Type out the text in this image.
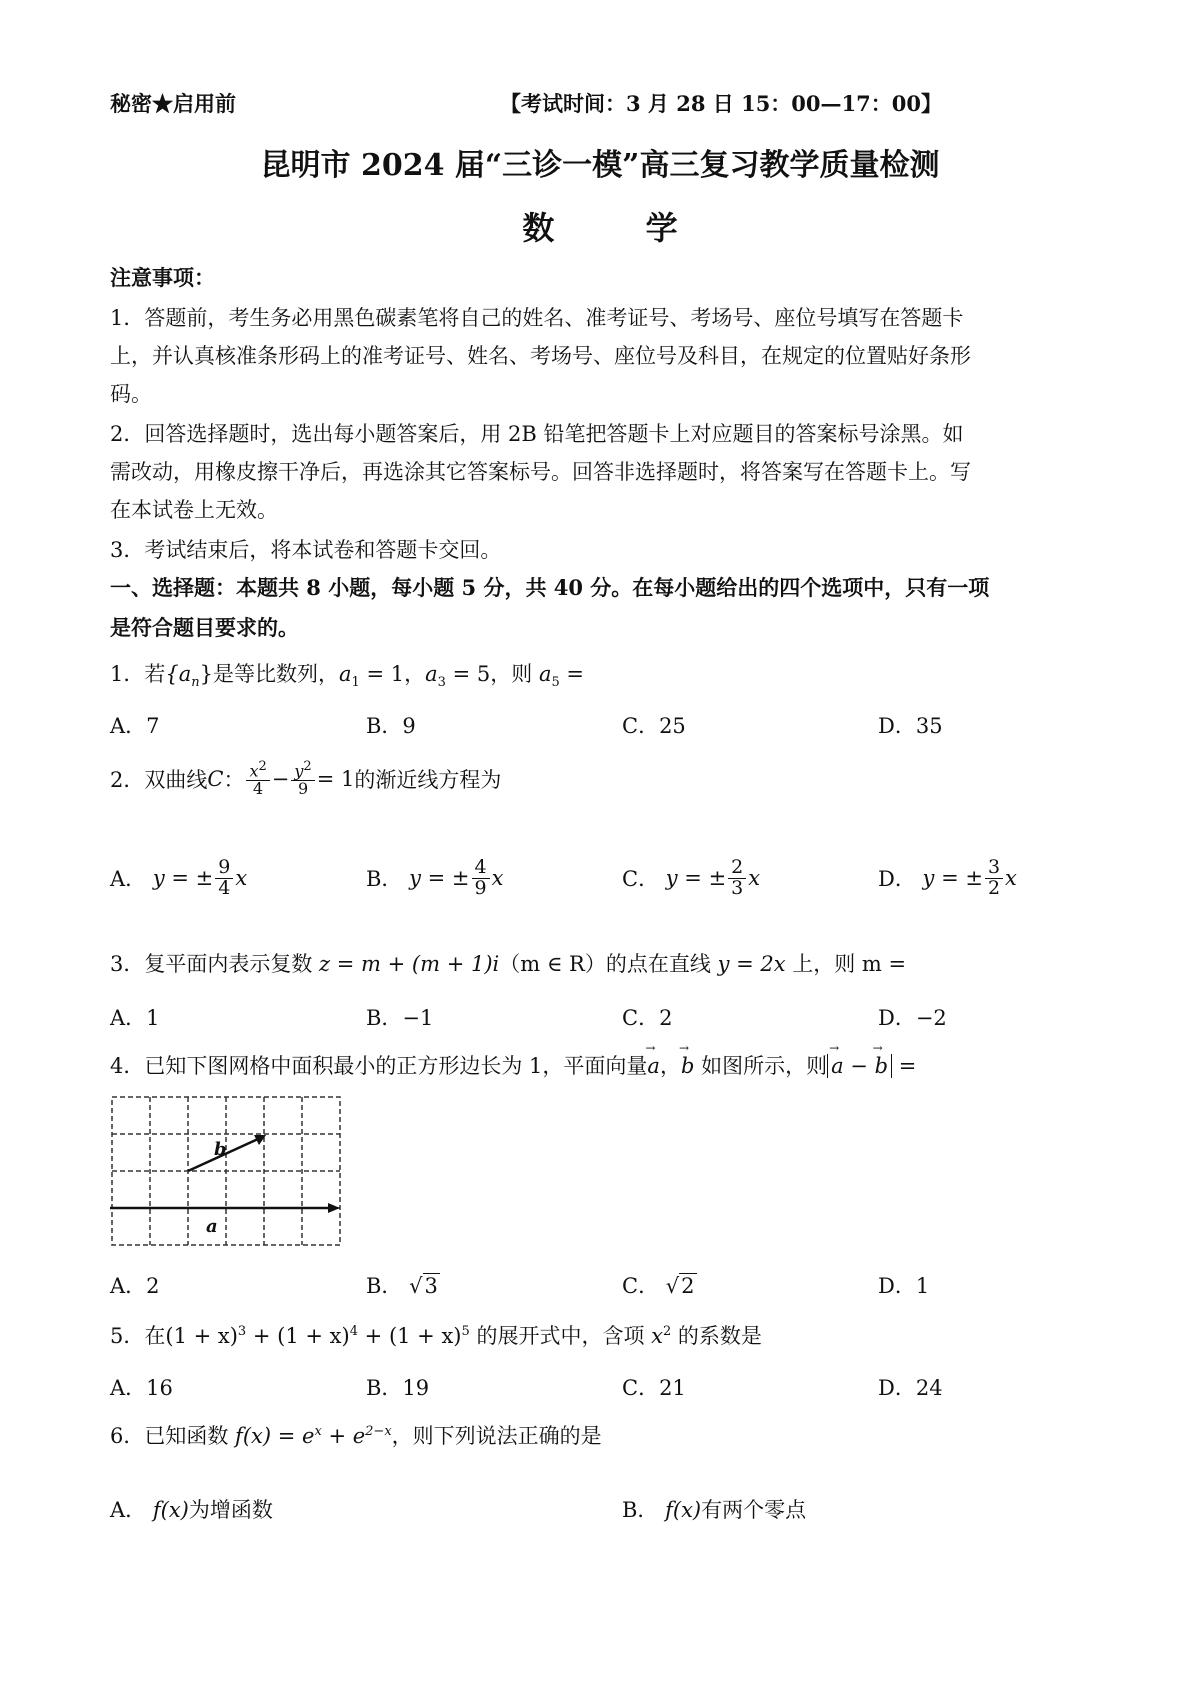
秘密★启用前	【考试时间：3 月 28 日 15：00—17：00】
昆明市 2024 届“三诊一模”高三复习教学质量检测
数 学
注意事项：
1．答题前，考生务必用黑色碳素笔将自己的姓名、准考证号、考场号、座位号填写在答题卡
上，并认真核准条形码上的准考证号、姓名、考场号、座位号及科目，在规定的位置贴好条形
码。
2．回答选择题时，选出每小题答案后，用 2B 铅笔把答题卡上对应题目的答案标号涂黑。如
需改动，用橡皮擦干净后，再选涂其它答案标号。回答非选择题时，将答案写在答题卡上。写
在本试卷上无效。
3．考试结束后，将本试卷和答题卡交回。
一、选择题：本题共 8 小题，每小题 5 分，共 40 分。在每小题给出的四个选项中，只有一项
是符合题目要求的。
1．若$\{a_n\}$是等比数列，$a_1 = 1$，$a_3 = 5$，则 $a_5$ =
A．7	B．9	C．25	D．35
2．双曲线 C ： $\frac{x^2}{4} - \frac{y^2}{9} = 1$ 的渐近线方程为
A．
y = ± $\frac{9}{4}$ x	B．
y = ± $\frac{4}{9}$ x	C．
y = ± $\frac{2}{3}$ x	D．
y = ± $\frac{3}{2}$ x
3．复平面内表示复数 z = m + (m + 1)i（m ∈ R）的点在直线 y = 2x 上，则 m =
A．1	B．−1	C．2	D．−2
4．已知下图网格中面积最小的正方形边长为 1，平面向量→ a，→ b 如图所示，则→ a − → b =
a
b
A．2	B． √3	C． √2	D．1
5．在$(1 + x)^3 + (1 + x)^4 + (1 + x)^5$ 的展开式中，含项 $x^2$ 的系数是
A．16	B．19	C．21	D．24
6．已知函数 $f(x) = e^x + e^{2-x}$，则下列说法正确的是
A． f(x)为增函数	B． f(x)有两个零点
